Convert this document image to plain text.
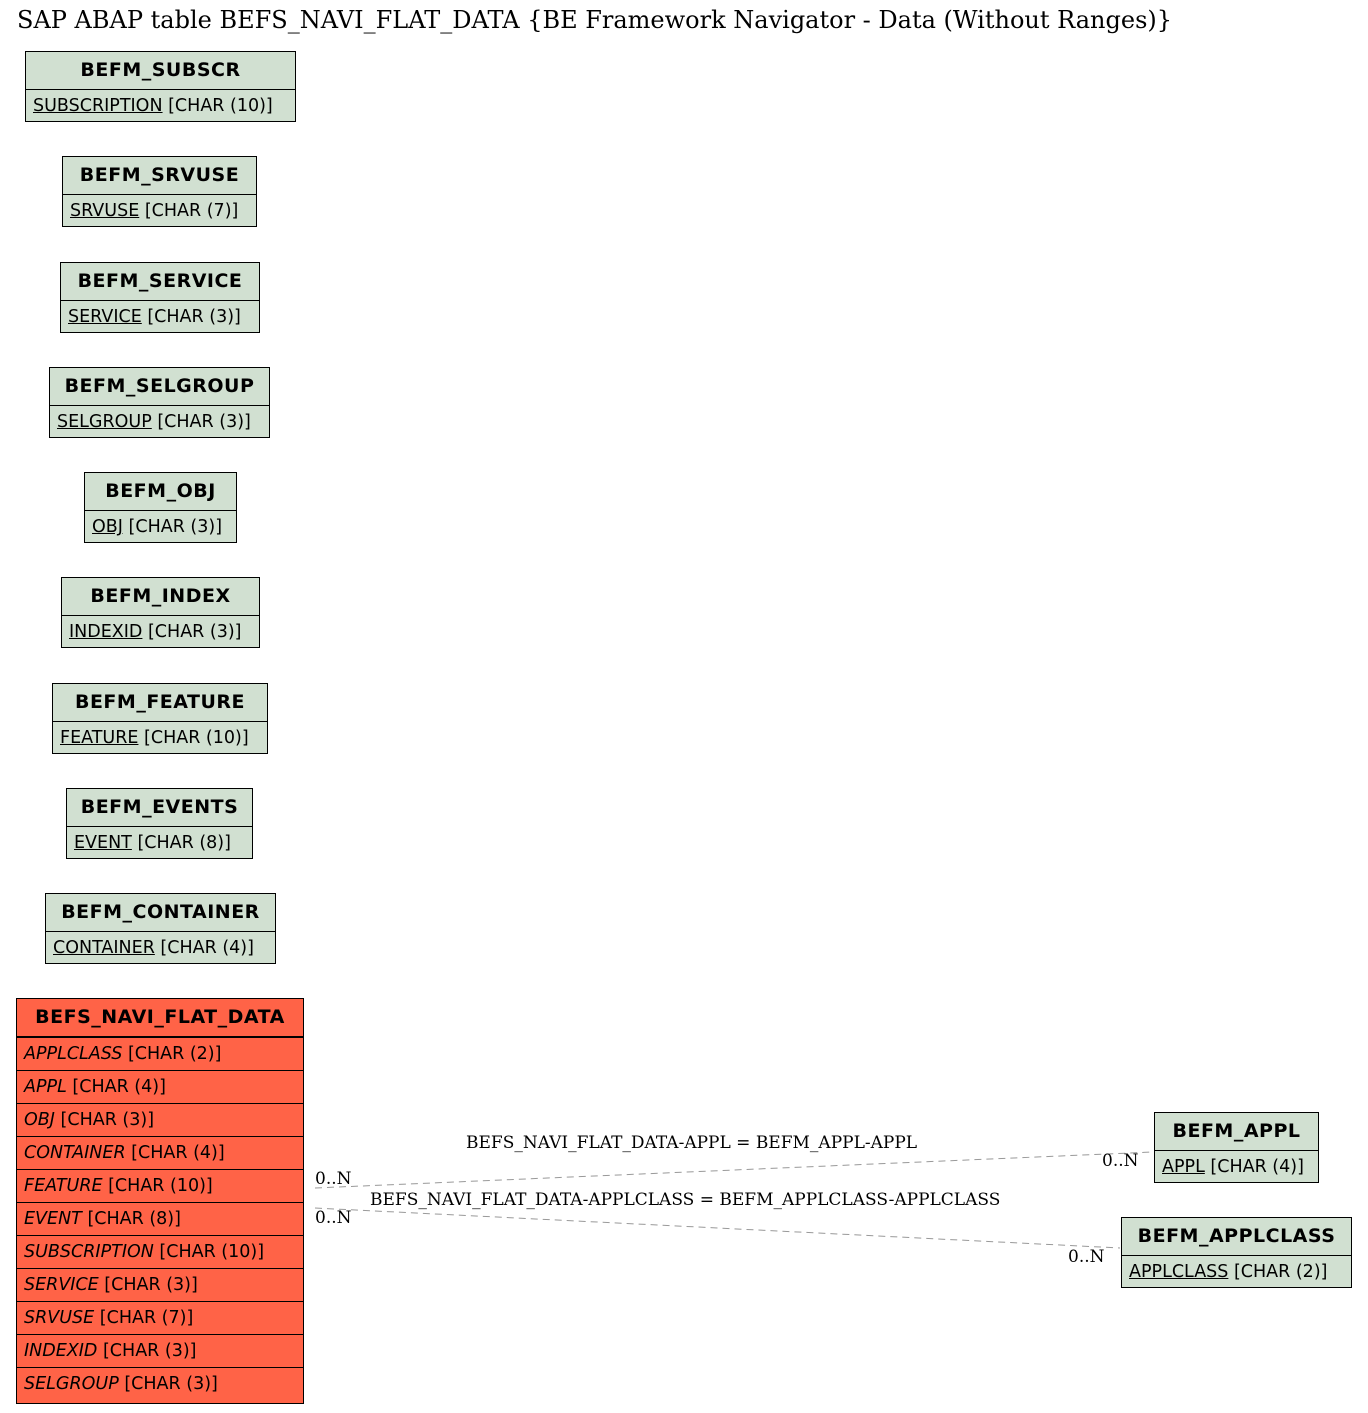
SAP ABAP table BEFS_NAVI_FLAT_DATA {BE Framework Navigator - Data (Without Ranges)}
BEFS_NAVI_FLAT_DATA-APPL = BEFM_APPL-APPL
0..N
0..N
BEFS_NAVI_FLAT_DATA-APPLCLASS = BEFM_APPLCLASS-APPLCLASS
0..N
0..N
BEFM_SUBSCR
SUBSCRIPTION [CHAR (10)]
BEFM_SRVUSE
SRVUSE [CHAR (7)]
BEFM_SERVICE
SERVICE [CHAR (3)]
BEFM_SELGROUP
SELGROUP [CHAR (3)]
BEFM_OBJ
OBJ [CHAR (3)]
BEFM_INDEX
INDEXID [CHAR (3)]
BEFM_FEATURE
FEATURE [CHAR (10)]
BEFM_EVENTS
EVENT [CHAR (8)]
BEFM_CONTAINER
CONTAINER [CHAR (4)]
BEFS_NAVI_FLAT_DATA
APPLCLASS [CHAR (2)]
APPL [CHAR (4)]
OBJ [CHAR (3)]
CONTAINER [CHAR (4)]
FEATURE [CHAR (10)]
EVENT [CHAR (8)]
SUBSCRIPTION [CHAR (10)]
SERVICE [CHAR (3)]
SRVUSE [CHAR (7)]
INDEXID [CHAR (3)]
SELGROUP [CHAR (3)]
BEFM_APPL
APPL [CHAR (4)]
BEFM_APPLCLASS
APPLCLASS [CHAR (2)]
